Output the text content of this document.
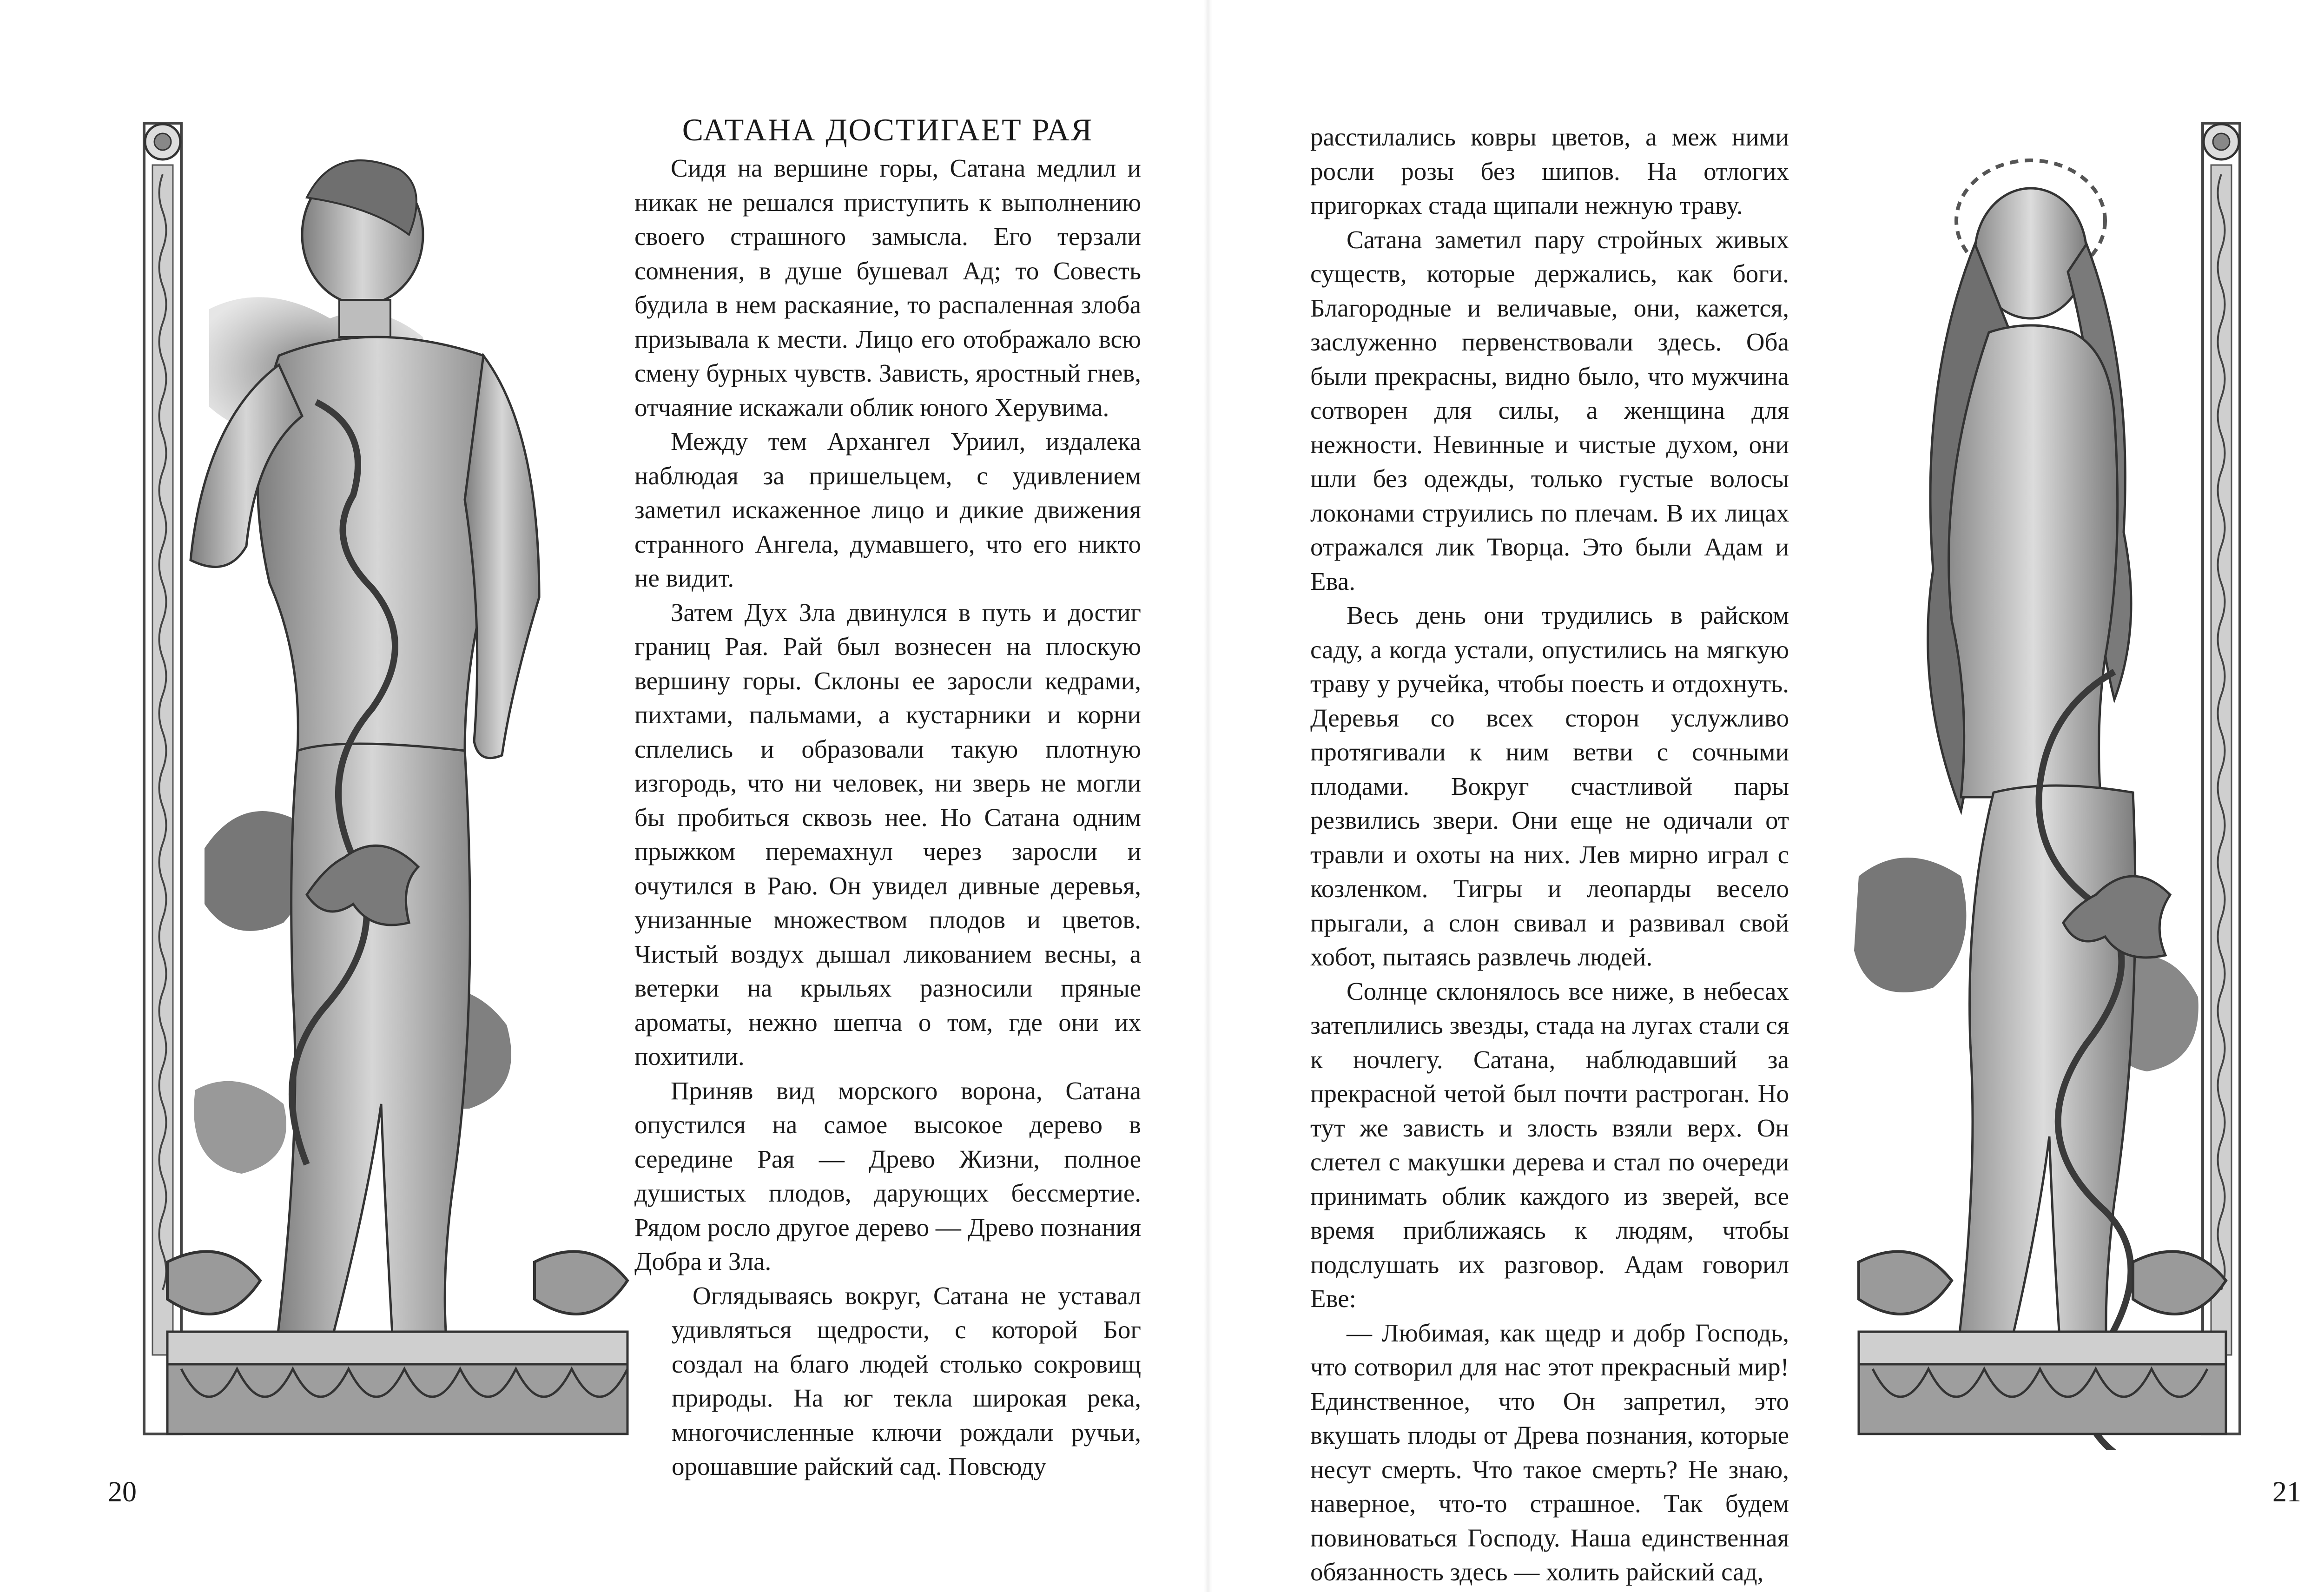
САТАНА ДОСТИГАЕТ РАЯ

Сидя на вершине горы, Сатана медлил и никак не решался приступить к выполнению своего страшного замысла. Его терзали сомнения, в душе бушевал Ад; то Совесть будила в нем раскаяние, то распаленная злоба призывала к мести. Лицо его отображало всю смену бурных чувств. Зависть, яростный гнев, отчаяние искажали облик юного Херувима.

Между тем Архангел Уриил, издалека наблюдая за пришельцем, с удивлением заметил искаженное лицо и дикие движения странного Ангела, думавшего, что его никто не видит.

Затем Дух Зла двинулся в путь и достиг границ Рая. Рай был вознесен на плоскую вершину горы. Склоны ее заросли кедрами, пихтами, пальмами, а кустарники и корни сплелись и образовали такую плотную изгородь, что ни человек, ни зверь не могли бы пробиться сквозь нее. Но Сатана одним прыжком перемахнул через заросли и очутился в Раю. Он увидел дивные деревья, унизанные множеством плодов и цветов. Чистый воздух дышал ликованием весны, а ветерки на крыльях разносили пряные ароматы, нежно шепча о том, где они их похитили.

Приняв вид морского ворона, Сатана опустился на самое высокое дерево в середине Рая — Древо Жизни, полное душистых плодов, дарующих бессмертие. Рядом росло другое дерево — Древо познания Добра и Зла.

Оглядываясь вокруг, Сатана не уставал удивляться щедрости, с которой Бог создал на благо людей столько сокровищ природы. На юг текла широкая река, многочисленные ключи рождали ручьи, орошавшие райский сад. Повсюду

20

расстилались ковры цветов, а меж ними росли розы без шипов. На отлогих пригорках стада щипали нежную траву.

Сатана заметил пару стройных живых существ, которые держались, как боги. Благородные и величавые, они, кажется, заслуженно первенствовали здесь. Оба были прекрасны, видно было, что мужчина сотворен для силы, а женщина для нежности. Невинные и чистые духом, они шли без одежды, только густые волосы локонами струились по плечам. В их лицах отражался лик Творца. Это были Адам и Ева.

Весь день они трудились в райском саду, а когда устали, опустились на мягкую траву у ручейка, чтобы поесть и отдохнуть. Деревья со всех сторон услужливо протягивали к ним ветви с сочными плодами. Вокруг счастливой пары резвились звери. Они еще не одичали от травли и охоты на них. Лев мирно играл с козленком. Тигры и леопарды весело прыгали, а слон свивал и развивал свой хобот, пытаясь развлечь людей.

Солнце склонялось все ниже, в небесах затеплились звезды, стада на лугах стали ся к ночлегу. Сатана, наблюдавший за прекрасной четой был почти растроган. Но тут же зависть и злость взяли верх. Он слетел с макушки дерева и стал по очереди принимать облик каждого из зверей, все время приближаясь к людям, чтобы подслушать их разговор. Адам говорил Еве:

— Любимая, как щедр и добр Господь, что сотворил для нас этот прекрасный мир! Единственное, что Он запретил, это вкушать плоды от Древа познания, которые несут смерть. Что такое смерть? Не знаю, наверное, что-то страшное. Так будем повиноваться Господу. Наша единственная обязанность здесь — холить райский сад,

21
